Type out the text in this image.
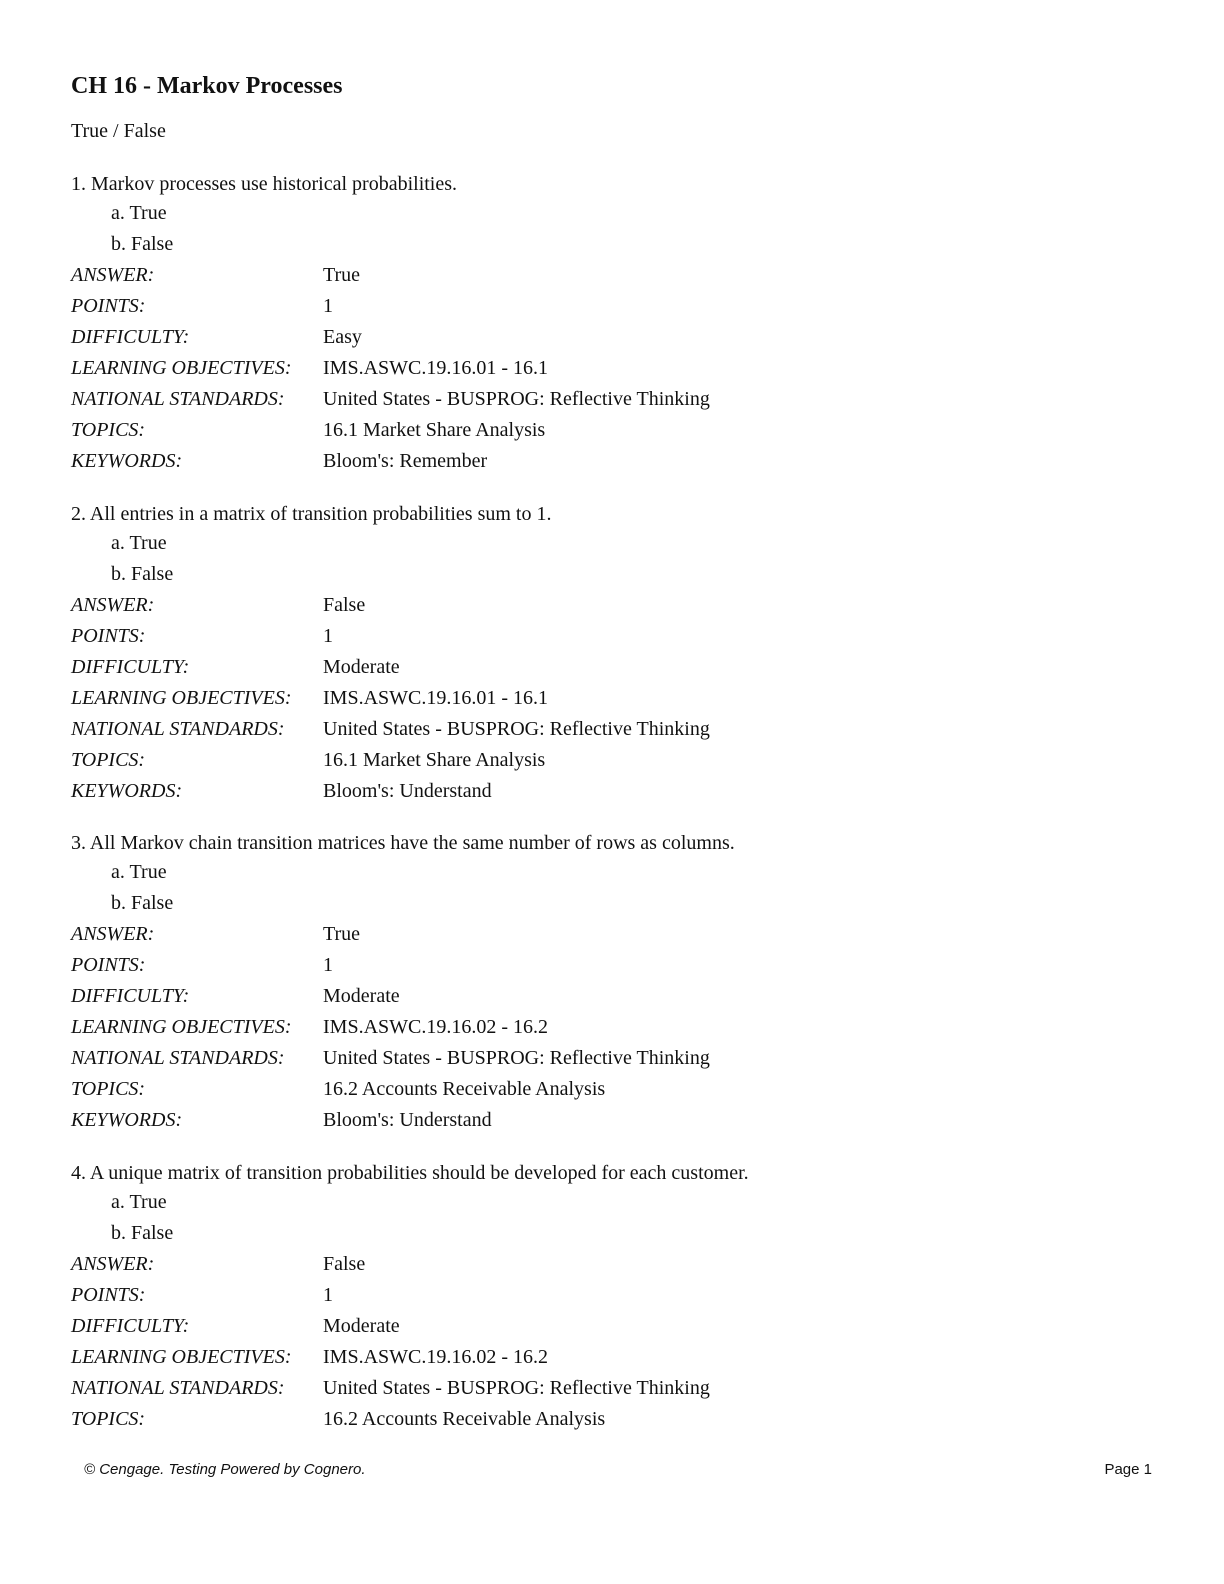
CH 16 - Markov Processes
True / False
1. Markov processes use historical probabilities.
a. True
b. False
ANSWER:	True
POINTS:	1
DIFFICULTY:	Easy
LEARNING OBJECTIVES:	IMS.ASWC.19.16.01 - 16.1
NATIONAL STANDARDS:	United States - BUSPROG: Reflective Thinking
TOPICS:	16.1 Market Share Analysis
KEYWORDS:	Bloom's: Remember
2. All entries in a matrix of transition probabilities sum to 1.
a. True
b. False
ANSWER:	False
POINTS:	1
DIFFICULTY:	Moderate
LEARNING OBJECTIVES:	IMS.ASWC.19.16.01 - 16.1
NATIONAL STANDARDS:	United States - BUSPROG: Reflective Thinking
TOPICS:	16.1 Market Share Analysis
KEYWORDS:	Bloom's: Understand
3. All Markov chain transition matrices have the same number of rows as columns.
a. True
b. False
ANSWER:	True
POINTS:	1
DIFFICULTY:	Moderate
LEARNING OBJECTIVES:	IMS.ASWC.19.16.02 - 16.2
NATIONAL STANDARDS:	United States - BUSPROG: Reflective Thinking
TOPICS:	16.2 Accounts Receivable Analysis
KEYWORDS:	Bloom's: Understand
4. A unique matrix of transition probabilities should be developed for each customer.
a. True
b. False
ANSWER:	False
POINTS:	1
DIFFICULTY:	Moderate
LEARNING OBJECTIVES:	IMS.ASWC.19.16.02 - 16.2
NATIONAL STANDARDS:	United States - BUSPROG: Reflective Thinking
TOPICS:	16.2 Accounts Receivable Analysis
© Cengage. Testing Powered by Cognero.	Page 1
